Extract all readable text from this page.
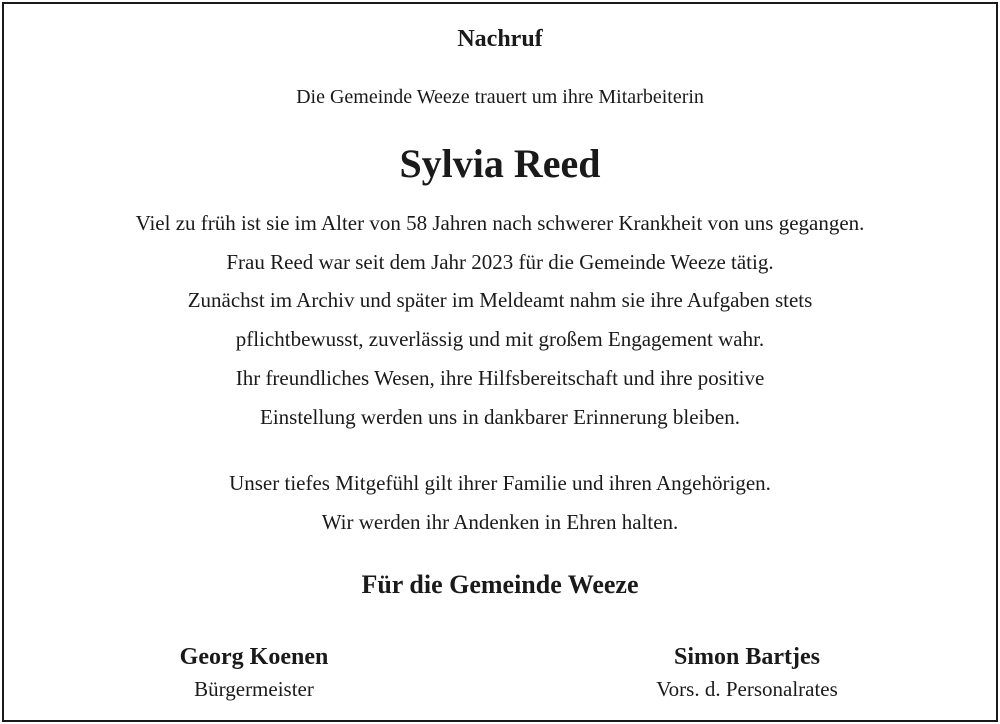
Nachruf

Die Gemeinde Weeze trauert um ihre Mitarbeiterin

Sylvia Reed

Viel zu früh ist sie im Alter von 58 Jahren nach schwerer Krankheit von uns gegangen.
Frau Reed war seit dem Jahr 2023 für die Gemeinde Weeze tätig.
Zunächst im Archiv und später im Meldeamt nahm sie ihre Aufgaben stets
pflichtbewusst, zuverlässig und mit großem Engagement wahr.
Ihr freundliches Wesen, ihre Hilfsbereitschaft und ihre positive
Einstellung werden uns in dankbarer Erinnerung bleiben.

Unser tiefes Mitgefühl gilt ihrer Familie und ihren Angehörigen.
Wir werden ihr Andenken in Ehren halten.

Für die Gemeinde Weeze
Georg Koenen
Bürgermeister
Simon Bartjes
Vors. d. Personalrates
